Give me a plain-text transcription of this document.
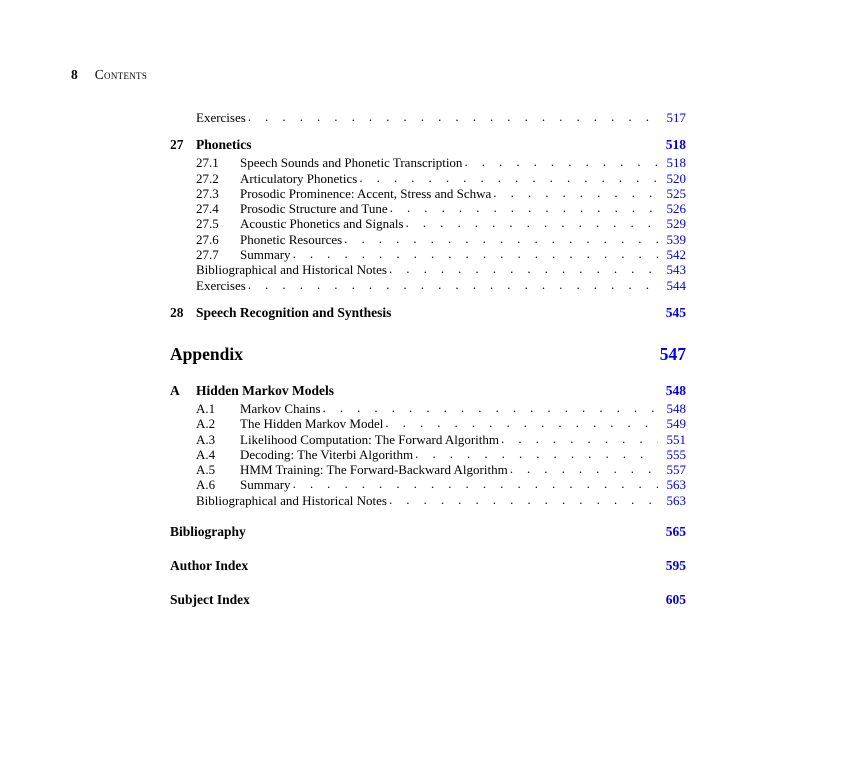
8 Contents
Exercises . . .	517
27 Phonetics	518
27.1	Speech Sounds and Phonetic Transcription . . .	518
27.2	Articulatory Phonetics . . .	520
27.3	Prosodic Prominence: Accent, Stress and Schwa . . .	525
27.4	Prosodic Structure and Tune . . .	526
27.5	Acoustic Phonetics and Signals . . .	529
27.6	Phonetic Resources . . .	539
27.7	Summary . . .	542
Bibliographical and Historical Notes . . .	543
Exercises . . .	544
28 Speech Recognition and Synthesis	545
Appendix	547
A	Hidden Markov Models	548
A.1	Markov Chains . . .	548
A.2	The Hidden Markov Model . . .	549
A.3	Likelihood Computation: The Forward Algorithm . . .	551
A.4	Decoding: The Viterbi Algorithm . . .	555
A.5	HMM Training: The Forward-Backward Algorithm . . .	557
A.6	Summary . . .	563
Bibliographical and Historical Notes . . .	563
Bibliography	565
Author Index	595
Subject Index	605
